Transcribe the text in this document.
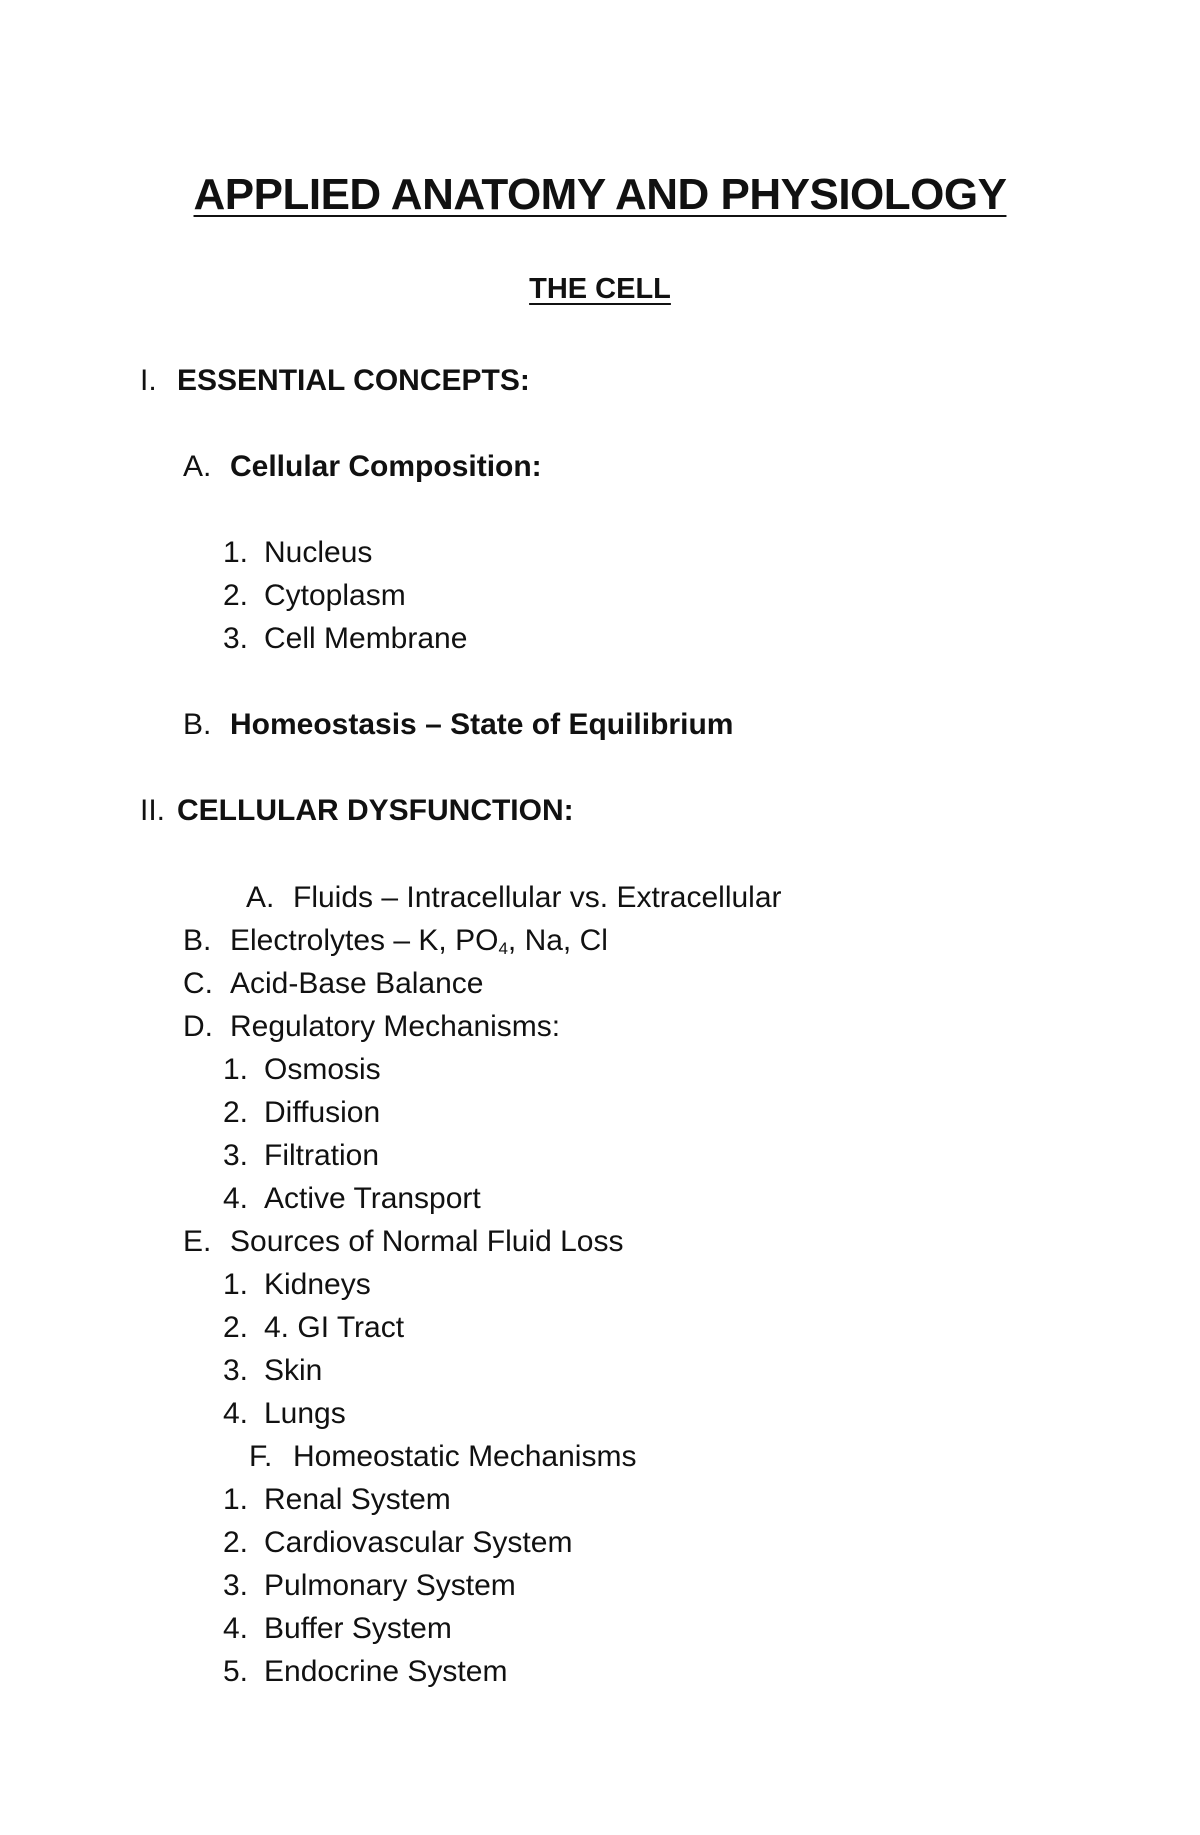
APPLIED ANATOMY AND PHYSIOLOGY
THE CELL
I. ESSENTIAL CONCEPTS:
A. Cellular Composition:
1. Nucleus
2. Cytoplasm
3. Cell Membrane
B. Homeostasis – State of Equilibrium
II. CELLULAR DYSFUNCTION:
A. Fluids – Intracellular vs. Extracellular
B. Electrolytes – K, $PO_4$, Na, Cl
C. Acid-Base Balance
D. Regulatory Mechanisms:
1. Osmosis
2. Diffusion
3. Filtration
4. Active Transport
E. Sources of Normal Fluid Loss
1. Kidneys
2. 4. GI Tract
3. Skin
4. Lungs
F. Homeostatic Mechanisms
1. Renal System
2. Cardiovascular System
3. Pulmonary System
4. Buffer System
5. Endocrine System
